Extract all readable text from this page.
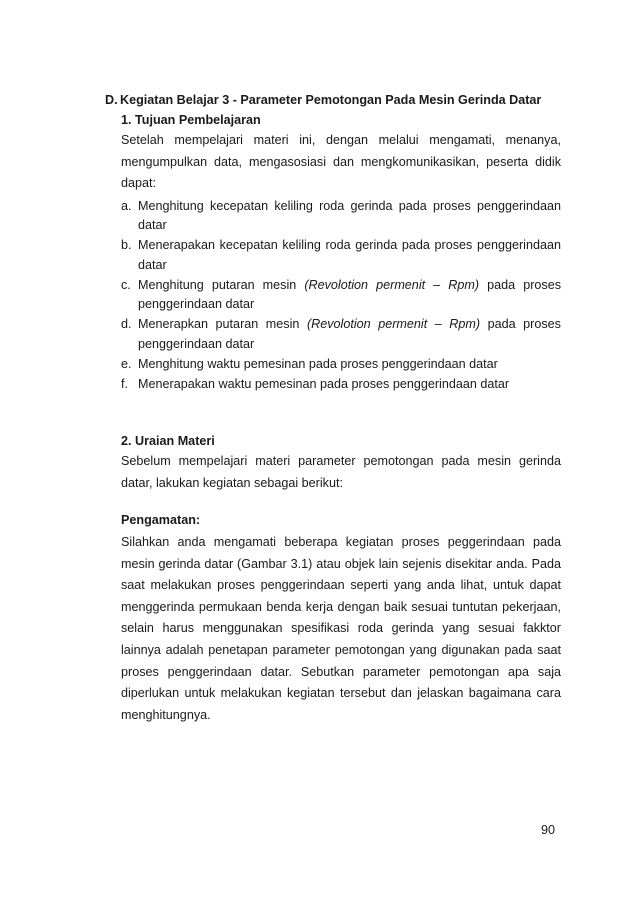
D. Kegiatan Belajar 3 - Parameter Pemotongan Pada Mesin Gerinda Datar
1. Tujuan Pembelajaran
Setelah mempelajari materi ini, dengan melalui mengamati, menanya, mengumpulkan data, mengasosiasi dan mengkomunikasikan, peserta didik dapat:
a. Menghitung kecepatan keliling roda gerinda pada proses penggerindaan datar
b. Menerapakan kecepatan keliling roda gerinda pada proses penggerindaan datar
c. Menghitung putaran mesin (Revolotion permenit – Rpm) pada proses penggerindaan datar
d. Menerapkan putaran mesin (Revolotion permenit – Rpm) pada proses penggerindaan datar
e. Menghitung waktu pemesinan pada proses penggerindaan datar
f. Menerapakan waktu pemesinan pada proses penggerindaan datar
2. Uraian Materi
Sebelum mempelajari materi parameter pemotongan pada mesin gerinda datar, lakukan kegiatan sebagai berikut:
Pengamatan:
Silahkan anda mengamati beberapa kegiatan proses peggerindaan pada mesin gerinda datar (Gambar 3.1) atau objek lain sejenis disekitar anda. Pada saat melakukan proses penggerindaan seperti yang anda lihat, untuk dapat menggerinda permukaan benda kerja dengan baik sesuai tuntutan pekerjaan, selain harus menggunakan spesifikasi roda gerinda yang sesuai fakktor lainnya adalah penetapan parameter pemotongan yang digunakan pada saat proses penggerindaan datar. Sebutkan parameter pemotongan apa saja diperlukan untuk melakukan kegiatan tersebut dan jelaskan bagaimana cara menghitungnya.
90
